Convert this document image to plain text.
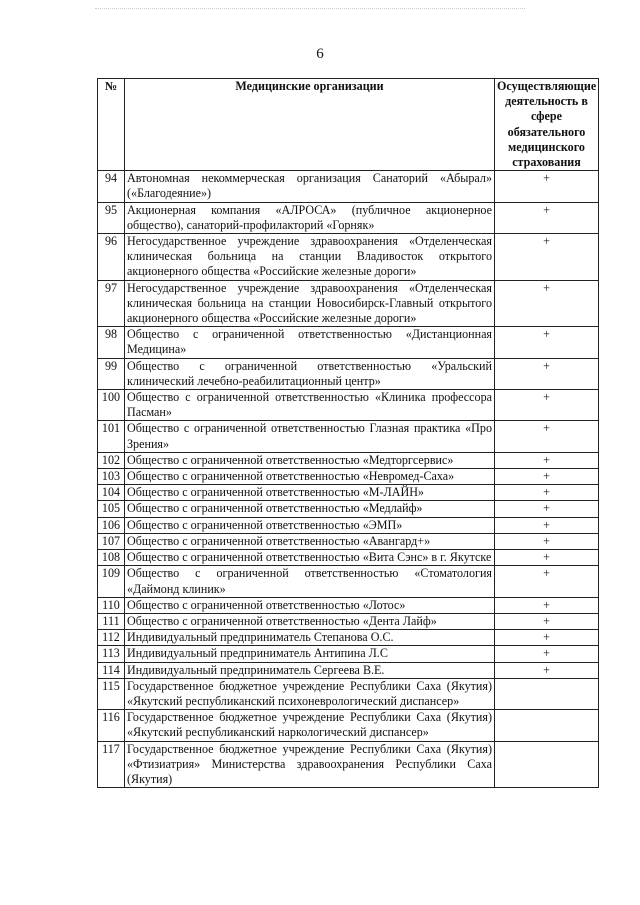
6
№	Медицинские организации	Осуществляющие деятельность в сфере обязательного медицинского страхования
94	Автономная некоммерческая организация Санаторий «Абырал» («Благодеяние»)	+
95	Акционерная компания «АЛРОСА» (публичное акционерное общество), санаторий-профилакторий «Горняк»	+
96	Негосударственное учреждение здравоохранения «Отделенческая клиническая больница на станции Владивосток открытого акционерного общества «Российские железные дороги»	+
97	Негосударственное учреждение здравоохранения «Отделенческая клиническая больница на станции Новосибирск-Главный открытого акционерного общества «Российские железные дороги»	+
98	Общество с ограниченной ответственностью «Дистанционная Медицина»	+
99	Общество с ограниченной ответственностью «Уральский клинический лечебно-реабилитационный центр»	+
100	Общество с ограниченной ответственностью «Клиника профессора Пасман»	+
101	Общество с ограниченной ответственностью Глазная практика «Про Зрения»	+
102	Общество с ограниченной ответственностью «Медторгсервис»	+
103	Общество с ограниченной ответственностью «Невромед-Саха»	+
104	Общество с ограниченной ответственностью «М-ЛАЙН»	+
105	Общество с ограниченной ответственностью «Медлайф»	+
106	Общество с ограниченной ответственностью «ЭМП»	+
107	Общество с ограниченной ответственностью «Авангард+»	+
108	Общество с ограниченной ответственностью «Вита Сэнс» в г. Якутске	+
109	Общество с ограниченной ответственностью «Стоматология «Даймонд клиник»	+
110	Общество с ограниченной ответственностью «Лотос»	+
111	Общество с ограниченной ответственностью «Дента Лайф»	+
112	Индивидуальный предприниматель Степанова О.С.	+
113	Индивидуальный предприниматель Антипина Л.С	+
114	Индивидуальный предприниматель Сергеева В.Е.	+
115	Государственное бюджетное учреждение Республики Саха (Якутия) «Якутский республиканский психоневрологический диспансер»	
116	Государственное бюджетное учреждение Республики Саха (Якутия) «Якутский республиканский наркологический диспансер»	
117	Государственное бюджетное учреждение Республики Саха (Якутия) «Фтизиатрия» Министерства здравоохранения Республики Саха (Якутия)	
